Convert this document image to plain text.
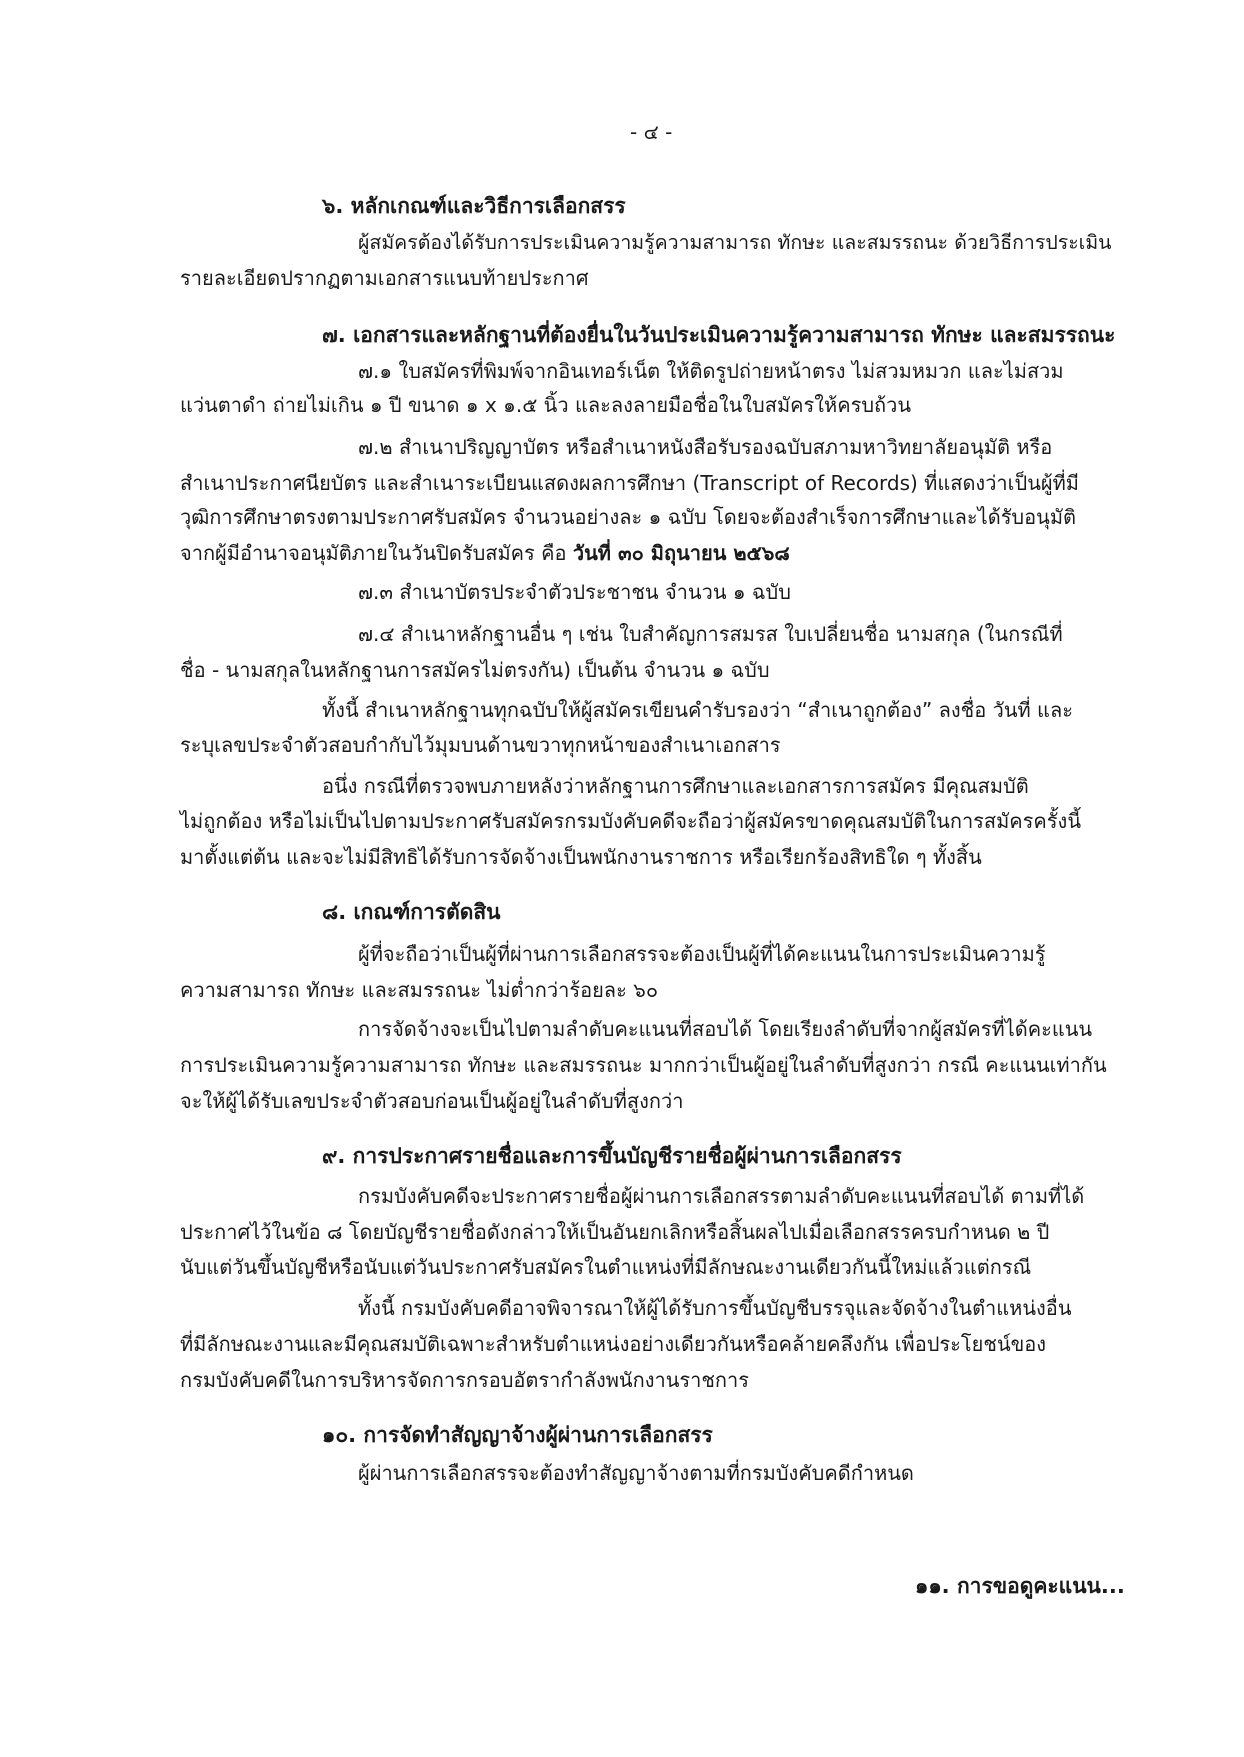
- ๔ -
๖. หลักเกณฑ์และวิธีการเลือกสรร
ผู้สมัครต้องได้รับการประเมินความรู้ความสามารถ ทักษะ และสมรรถนะ ด้วยวิธีการประเมิน
รายละเอียดปรากฏตามเอกสารแนบท้ายประกาศ
๗. เอกสารและหลักฐานที่ต้องยื่นในวันประเมินความรู้ความสามารถ ทักษะ และสมรรถนะ
๗.๑ ใบสมัครที่พิมพ์จากอินเทอร์เน็ต ให้ติดรูปถ่ายหน้าตรง ไม่สวมหมวก และไม่สวม
แว่นตาดำ ถ่ายไม่เกิน ๑ ปี ขนาด ๑ x ๑.๕ นิ้ว และลงลายมือชื่อในใบสมัครให้ครบถ้วน
๗.๒ สำเนาปริญญาบัตร หรือสำเนาหนังสือรับรองฉบับสภามหาวิทยาลัยอนุมัติ หรือ
สำเนาประกาศนียบัตร และสำเนาระเบียนแสดงผลการศึกษา (Transcript of Records) ที่แสดงว่าเป็นผู้ที่มี
วุฒิการศึกษาตรงตามประกาศรับสมัคร จำนวนอย่างละ ๑ ฉบับ โดยจะต้องสำเร็จการศึกษาและได้รับอนุมัติ
จากผู้มีอำนาจอนุมัติภายในวันปิดรับสมัคร คือ วันที่ ๓๐ มิถุนายน ๒๕๖๘
๗.๓ สำเนาบัตรประจำตัวประชาชน จำนวน ๑ ฉบับ
๗.๔ สำเนาหลักฐานอื่น ๆ เช่น ใบสำคัญการสมรส ใบเปลี่ยนชื่อ นามสกุล (ในกรณีที่
ชื่อ - นามสกุลในหลักฐานการสมัครไม่ตรงกัน) เป็นต้น จำนวน ๑ ฉบับ
ทั้งนี้ สำเนาหลักฐานทุกฉบับให้ผู้สมัครเขียนคำรับรองว่า “สำเนาถูกต้อง” ลงชื่อ วันที่ และ
ระบุเลขประจำตัวสอบกำกับไว้มุมบนด้านขวาทุกหน้าของสำเนาเอกสาร
อนึ่ง กรณีที่ตรวจพบภายหลังว่าหลักฐานการศึกษาและเอกสารการสมัคร มีคุณสมบัติ
ไม่ถูกต้อง หรือไม่เป็นไปตามประกาศรับสมัครกรมบังคับคดีจะถือว่าผู้สมัครขาดคุณสมบัติในการสมัครครั้งนี้
มาตั้งแต่ต้น และจะไม่มีสิทธิได้รับการจัดจ้างเป็นพนักงานราชการ หรือเรียกร้องสิทธิใด ๆ ทั้งสิ้น
๘. เกณฑ์การตัดสิน
ผู้ที่จะถือว่าเป็นผู้ที่ผ่านการเลือกสรรจะต้องเป็นผู้ที่ได้คะแนนในการประเมินความรู้
ความสามารถ ทักษะ และสมรรถนะ ไม่ต่ำกว่าร้อยละ ๖๐
การจัดจ้างจะเป็นไปตามลำดับคะแนนที่สอบได้ โดยเรียงลำดับที่จากผู้สมัครที่ได้คะแนน
การประเมินความรู้ความสามารถ ทักษะ และสมรรถนะ มากกว่าเป็นผู้อยู่ในลำดับที่สูงกว่า กรณี คะแนนเท่ากัน
จะให้ผู้ได้รับเลขประจำตัวสอบก่อนเป็นผู้อยู่ในลำดับที่สูงกว่า
๙. การประกาศรายชื่อและการขึ้นบัญชีรายชื่อผู้ผ่านการเลือกสรร
กรมบังคับคดีจะประกาศรายชื่อผู้ผ่านการเลือกสรรตามลำดับคะแนนที่สอบได้ ตามที่ได้
ประกาศไว้ในข้อ ๘ โดยบัญชีรายชื่อดังกล่าวให้เป็นอันยกเลิกหรือสิ้นผลไปเมื่อเลือกสรรครบกำหนด ๒ ปี
นับแต่วันขึ้นบัญชีหรือนับแต่วันประกาศรับสมัครในตำแหน่งที่มีลักษณะงานเดียวกันนี้ใหม่แล้วแต่กรณี
ทั้งนี้ กรมบังคับคดีอาจพิจารณาให้ผู้ได้รับการขึ้นบัญชีบรรจุและจัดจ้างในตำแหน่งอื่น
ที่มีลักษณะงานและมีคุณสมบัติเฉพาะสำหรับตำแหน่งอย่างเดียวกันหรือคล้ายคลึงกัน เพื่อประโยชน์ของ
กรมบังคับคดีในการบริหารจัดการกรอบอัตรากำลังพนักงานราชการ
๑๐. การจัดทำสัญญาจ้างผู้ผ่านการเลือกสรร
ผู้ผ่านการเลือกสรรจะต้องทำสัญญาจ้างตามที่กรมบังคับคดีกำหนด
๑๑. การขอดูคะแนน...
